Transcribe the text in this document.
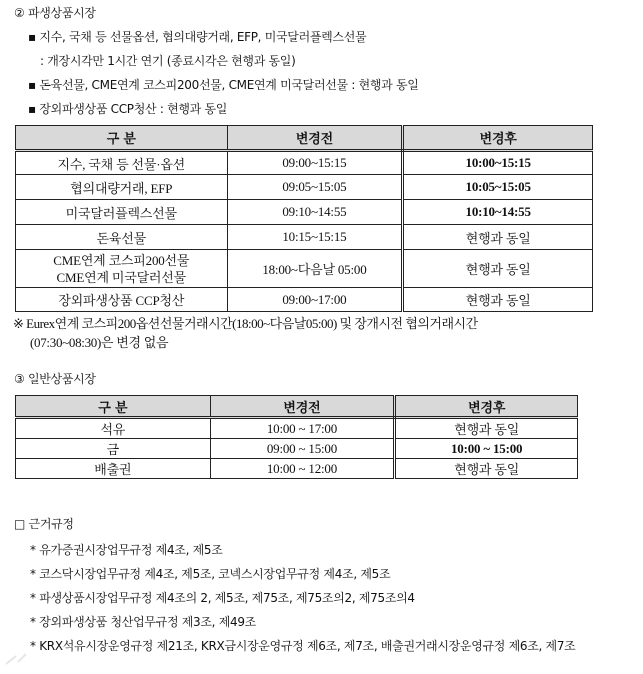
② 파생상품시장
▪ 지수, 국채 등 선물옵션, 협의대량거래, EFP, 미국달러플렉스선물
: 개장시각만 1시간 연기 (종료시각은 현행과 동일)
▪ 돈육선물, CME연계 코스피200선물, CME연계 미국달러선물 : 현행과 동일
▪ 장외파생상품 CCP청산 : 현행과 동일
구 분	변경전	변경후
지수, 국채 등 선물·옵션	09:00~15:15	10:00~15:15
협의대량거래, EFP	09:05~15:05	10:05~15:05
미국달러플렉스선물	09:10~14:55	10:10~14:55
돈육선물	10:15~15:15	현행과 동일

CME연계 코스피200선물
CME연계 미국달러선물	18:00~다음날 05:00	현행과 동일
장외파생상품 CCP청산	09:00~17:00	현행과 동일
※ Eurex연계 코스피200옵션선물거래시간(18:00~다음날05:00) 및 장개시전 협의거래시간
(07:30~08:30)은 변경 없음
③ 일반상품시장
구 분	변경전	변경후
석유	10:00 ~ 17:00	현행과 동일
금	09:00 ~ 15:00	10:00 ~ 15:00
배출권	10:00 ~ 12:00	현행과 동일
□ 근거규정
* 유가증권시장업무규정 제4조, 제5조
* 코스닥시장업무규정 제4조, 제5조, 코넥스시장업무규정 제4조, 제5조
* 파생상품시장업무규정 제4조의 2, 제5조, 제75조, 제75조의2, 제75조의4
* 장외파생상품 청산업무규정 제3조, 제49조
* KRX석유시장운영규정 제21조, KRX금시장운영규정 제6조, 제7조, 배출권거래시장운영규정 제6조, 제7조
